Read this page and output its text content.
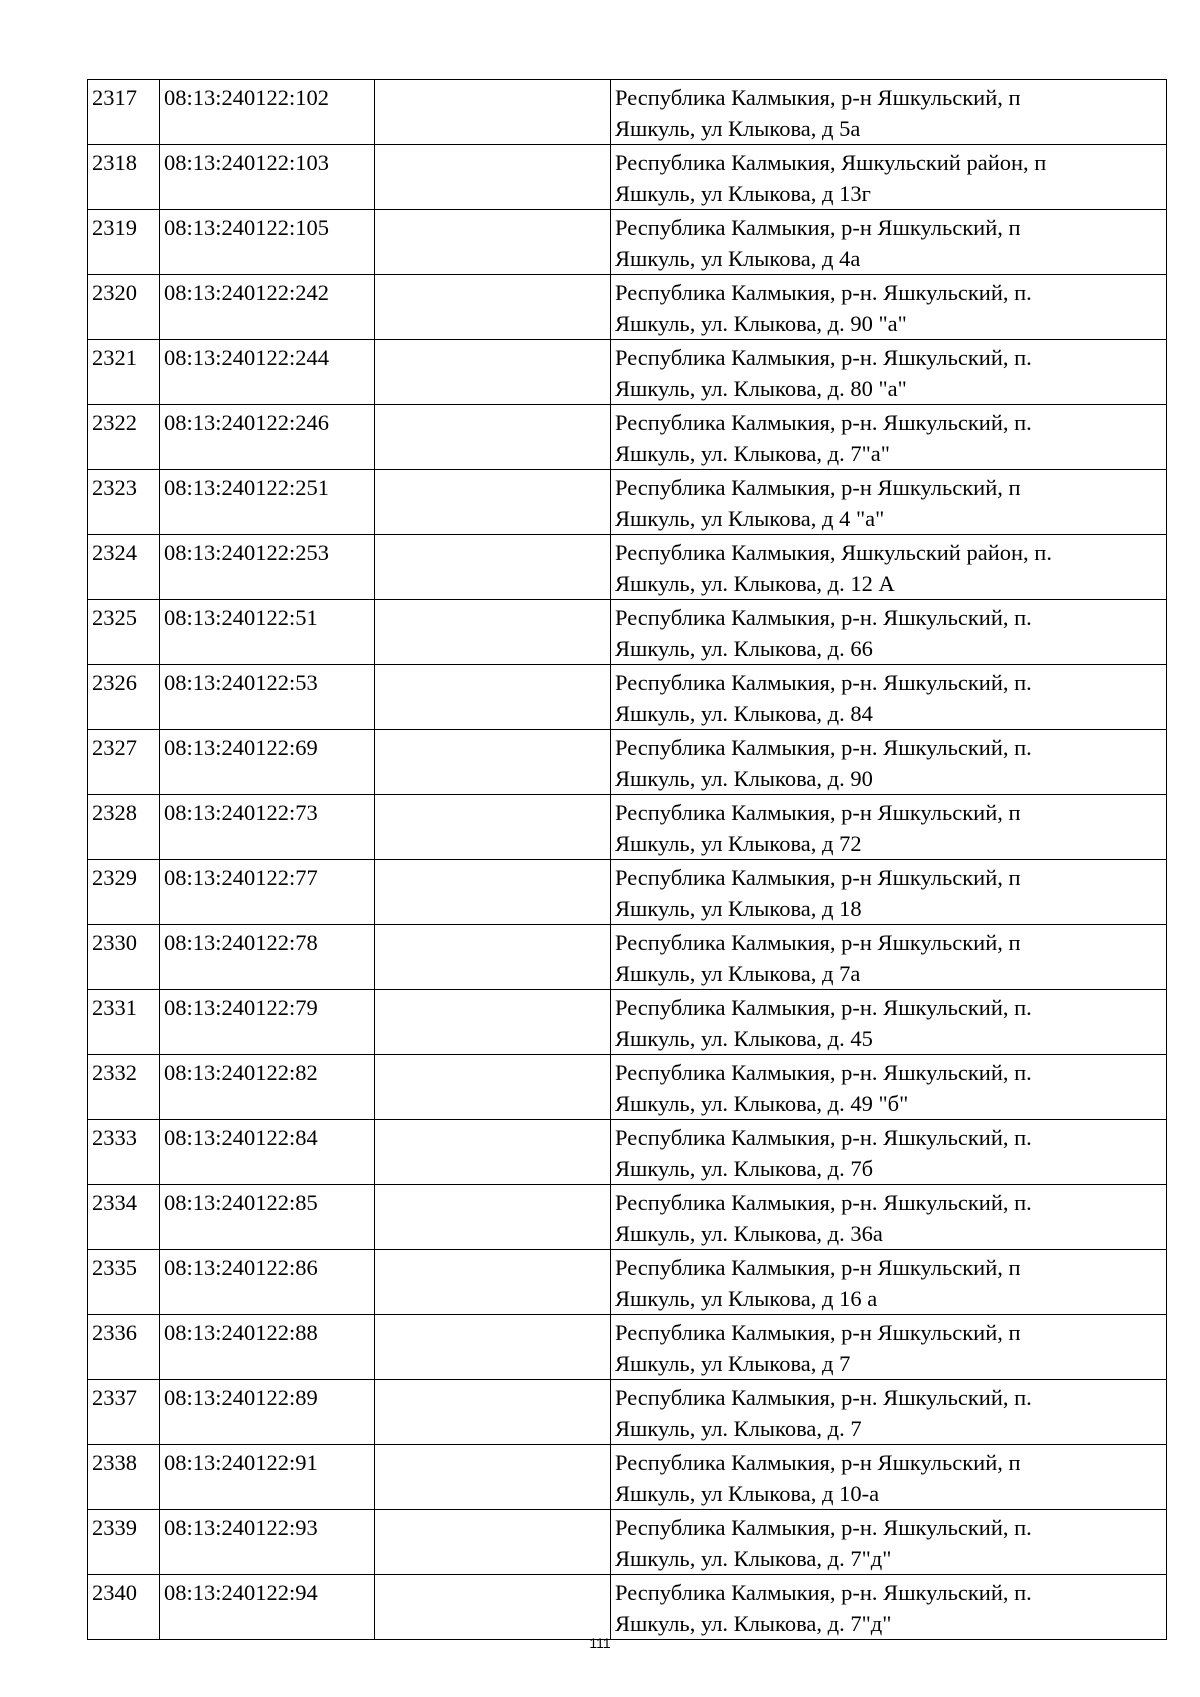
2317	08:13:240122:102		Республика Калмыкия, р-н Яшкульский, п
Яшкуль, ул Клыкова, д 5а

2318	08:13:240122:103		Республика Калмыкия, Яшкульский район, п
Яшкуль, ул Клыкова, д 13г

2319	08:13:240122:105		Республика Калмыкия, р-н Яшкульский, п
Яшкуль, ул Клыкова, д 4а

2320	08:13:240122:242		Республика Калмыкия, р-н. Яшкульский, п.
Яшкуль, ул. Клыкова, д. 90 "а"

2321	08:13:240122:244		Республика Калмыкия, р-н. Яшкульский, п.
Яшкуль, ул. Клыкова, д. 80 "а"

2322	08:13:240122:246		Республика Калмыкия, р-н. Яшкульский, п.
Яшкуль, ул. Клыкова, д. 7"а"

2323	08:13:240122:251		Республика Калмыкия, р-н Яшкульский, п
Яшкуль, ул Клыкова, д 4 "а"

2324	08:13:240122:253		Республика Калмыкия, Яшкульский район, п.
Яшкуль, ул. Клыкова, д. 12 А

2325	08:13:240122:51		Республика Калмыкия, р-н. Яшкульский, п.
Яшкуль, ул. Клыкова, д. 66

2326	08:13:240122:53		Республика Калмыкия, р-н. Яшкульский, п.
Яшкуль, ул. Клыкова, д. 84

2327	08:13:240122:69		Республика Калмыкия, р-н. Яшкульский, п.
Яшкуль, ул. Клыкова, д. 90

2328	08:13:240122:73		Республика Калмыкия, р-н Яшкульский, п
Яшкуль, ул Клыкова, д 72

2329	08:13:240122:77		Республика Калмыкия, р-н Яшкульский, п
Яшкуль, ул Клыкова, д 18

2330	08:13:240122:78		Республика Калмыкия, р-н Яшкульский, п
Яшкуль, ул Клыкова, д 7а

2331	08:13:240122:79		Республика Калмыкия, р-н. Яшкульский, п.
Яшкуль, ул. Клыкова, д. 45

2332	08:13:240122:82		Республика Калмыкия, р-н. Яшкульский, п.
Яшкуль, ул. Клыкова, д. 49 "б"

2333	08:13:240122:84		Республика Калмыкия, р-н. Яшкульский, п.
Яшкуль, ул. Клыкова, д. 7б

2334	08:13:240122:85		Республика Калмыкия, р-н. Яшкульский, п.
Яшкуль, ул. Клыкова, д. 36а

2335	08:13:240122:86		Республика Калмыкия, р-н Яшкульский, п
Яшкуль, ул Клыкова, д 16 а

2336	08:13:240122:88		Республика Калмыкия, р-н Яшкульский, п
Яшкуль, ул Клыкова, д 7

2337	08:13:240122:89		Республика Калмыкия, р-н. Яшкульский, п.
Яшкуль, ул. Клыкова, д. 7

2338	08:13:240122:91		Республика Калмыкия, р-н Яшкульский, п
Яшкуль, ул Клыкова, д 10-а

2339	08:13:240122:93		Республика Калмыкия, р-н. Яшкульский, п.
Яшкуль, ул. Клыкова, д. 7"д"

2340	08:13:240122:94		Республика Калмыкия, р-н. Яшкульский, п.
Яшкуль, ул. Клыкова, д. 7"д"
111
